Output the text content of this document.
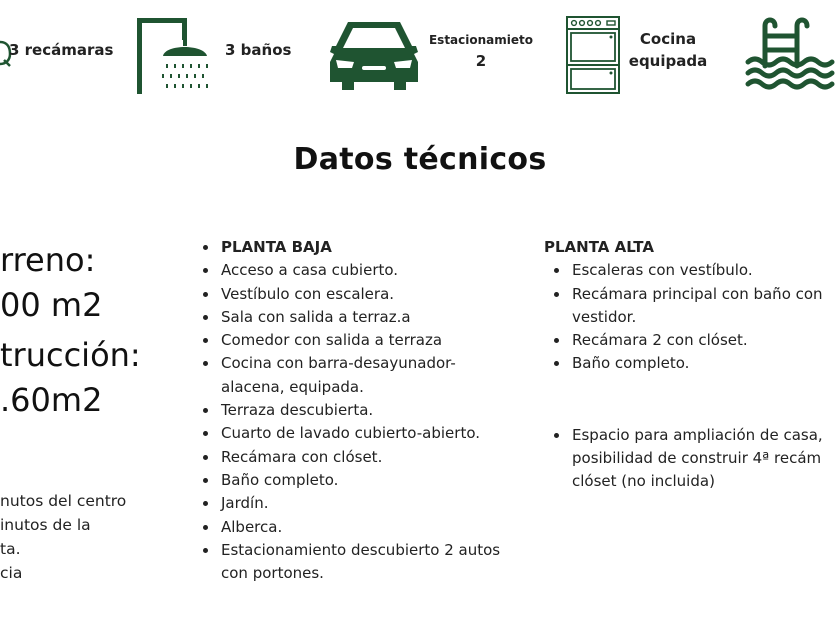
3 recámaras	3 baños
Estacionamieto
2
Cocina
equipada
Datos técnicos
rreno:
00 m2
trucción:
.60m2
nutos del centro
inutos de la
ta.
cia
PLANTA BAJA
Acceso a casa cubierto.
Vestíbulo con escalera.
Sala con salida a terraz.a
Comedor con salida a terraza
Cocina con barra-desayunador-alacena, equipada.
Terraza descubierta.
Cuarto de lavado cubierto-abierto.
Recámara con clóset.
Baño completo.
Jardín.
Alberca.
Estacionamiento descubierto 2 autos con portones.
PLANTA ALTA
Escaleras con vestíbulo.
Recámara principal con baño con vestidor.
Recámara 2 con clóset.
Baño completo.
Espacio para ampliación de casa, posibilidad de construir 4ª recám clóset (no incluida)
